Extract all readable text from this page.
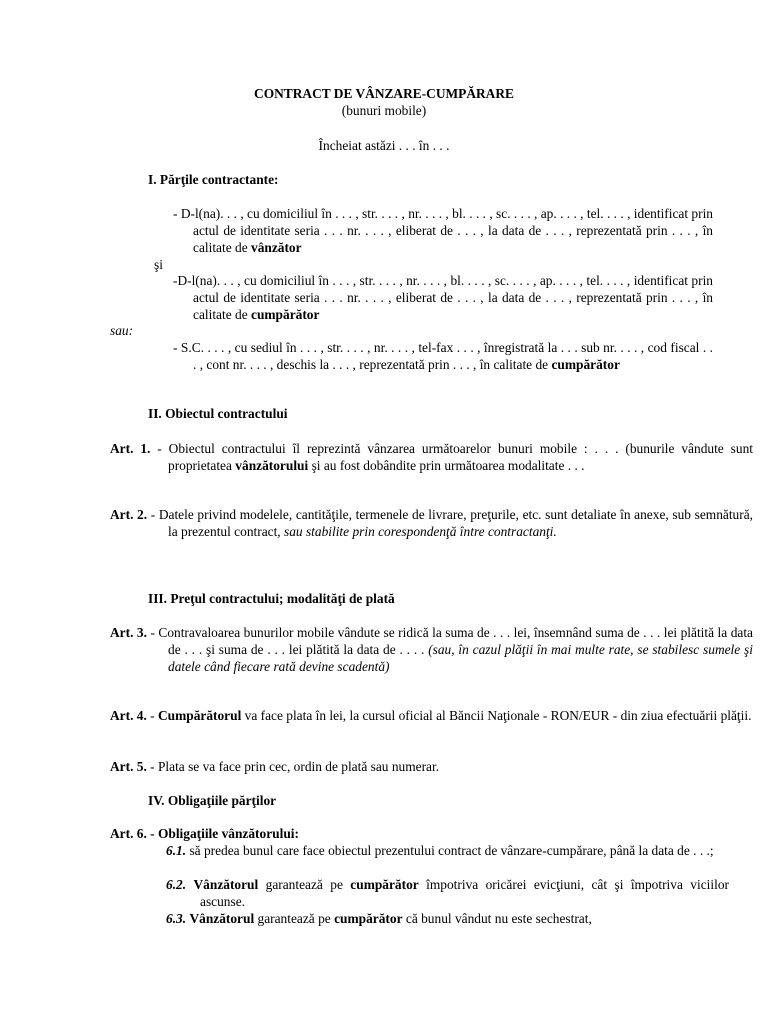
CONTRACT DE VÂNZARE-CUMPĂRARE
(bunuri mobile)
Încheiat astăzi . . . în . . .
I. Părţile contractante:
- D-l(na). . . , cu domiciliul în . . . , str. . . . , nr. . . . , bl. . . . , sc. . . . , ap. . . . , tel. . . . , identificat prin actul de identitate seria . . . nr. . . . , eliberat de . . . , la data de . . . , reprezentată prin . . . , în calitate de vânzător
şi
-D-l(na). . . , cu domiciliul în . . . , str. . . . , nr. . . . , bl. . . . , sc. . . . , ap. . . . , tel. . . . , identificat prin actul de identitate seria . . . nr. . . . , eliberat de . . . , la data de . . . , reprezentată prin . . . , în calitate de cumpărător
sau:
- S.C. . . . , cu sediul în . . . , str. . . . , nr. . . . , tel-fax . . . , înregistrată la . . . sub nr. . . . , cod fiscal . . . , cont nr. . . . , deschis la . . . , reprezentată prin . . . , în calitate de cumpărător
II. Obiectul contractului
Art. 1. - Obiectul contractului îl reprezintă vânzarea următoarelor bunuri mobile : . . . (bunurile vândute sunt proprietatea vânzătorului şi au fost dobândite prin următoarea modalitate . . .
Art. 2. - Datele privind modelele, cantităţile, termenele de livrare, preţurile, etc. sunt detaliate în anexe, sub semnătură, la prezentul contract, sau stabilite prin corespondenţă între contractanţi.
III. Preţul contractului; modalităţi de plată
Art. 3. - Contravaloarea bunurilor mobile vândute se ridică la suma de . . . lei, însemnând suma de . . . lei plătită la data de . . . şi suma de . . . lei plătită la data de . . . . (sau, în cazul plăţii în mai multe rate, se stabilesc sumele şi datele când fiecare rată devine scadentă)
Art. 4. - Cumpărătorul va face plata în lei, la cursul oficial al Băncii Naţionale - RON/EUR - din ziua efectuării plăţii.
Art. 5. - Plata se va face prin cec, ordin de plată sau numerar.
IV. Obligaţiile părţilor
Art. 6. - Obligaţiile vânzătorului:
6.1. să predea bunul care face obiectul prezentului contract de vânzare-cumpărare, până la data de . . .;
6.2. Vânzătorul garantează pe cumpărător împotriva oricărei evicţiuni, cât şi împotriva viciilor ascunse.
6.3. Vânzătorul garantează pe cumpărător că bunul vândut nu este sechestrat,
